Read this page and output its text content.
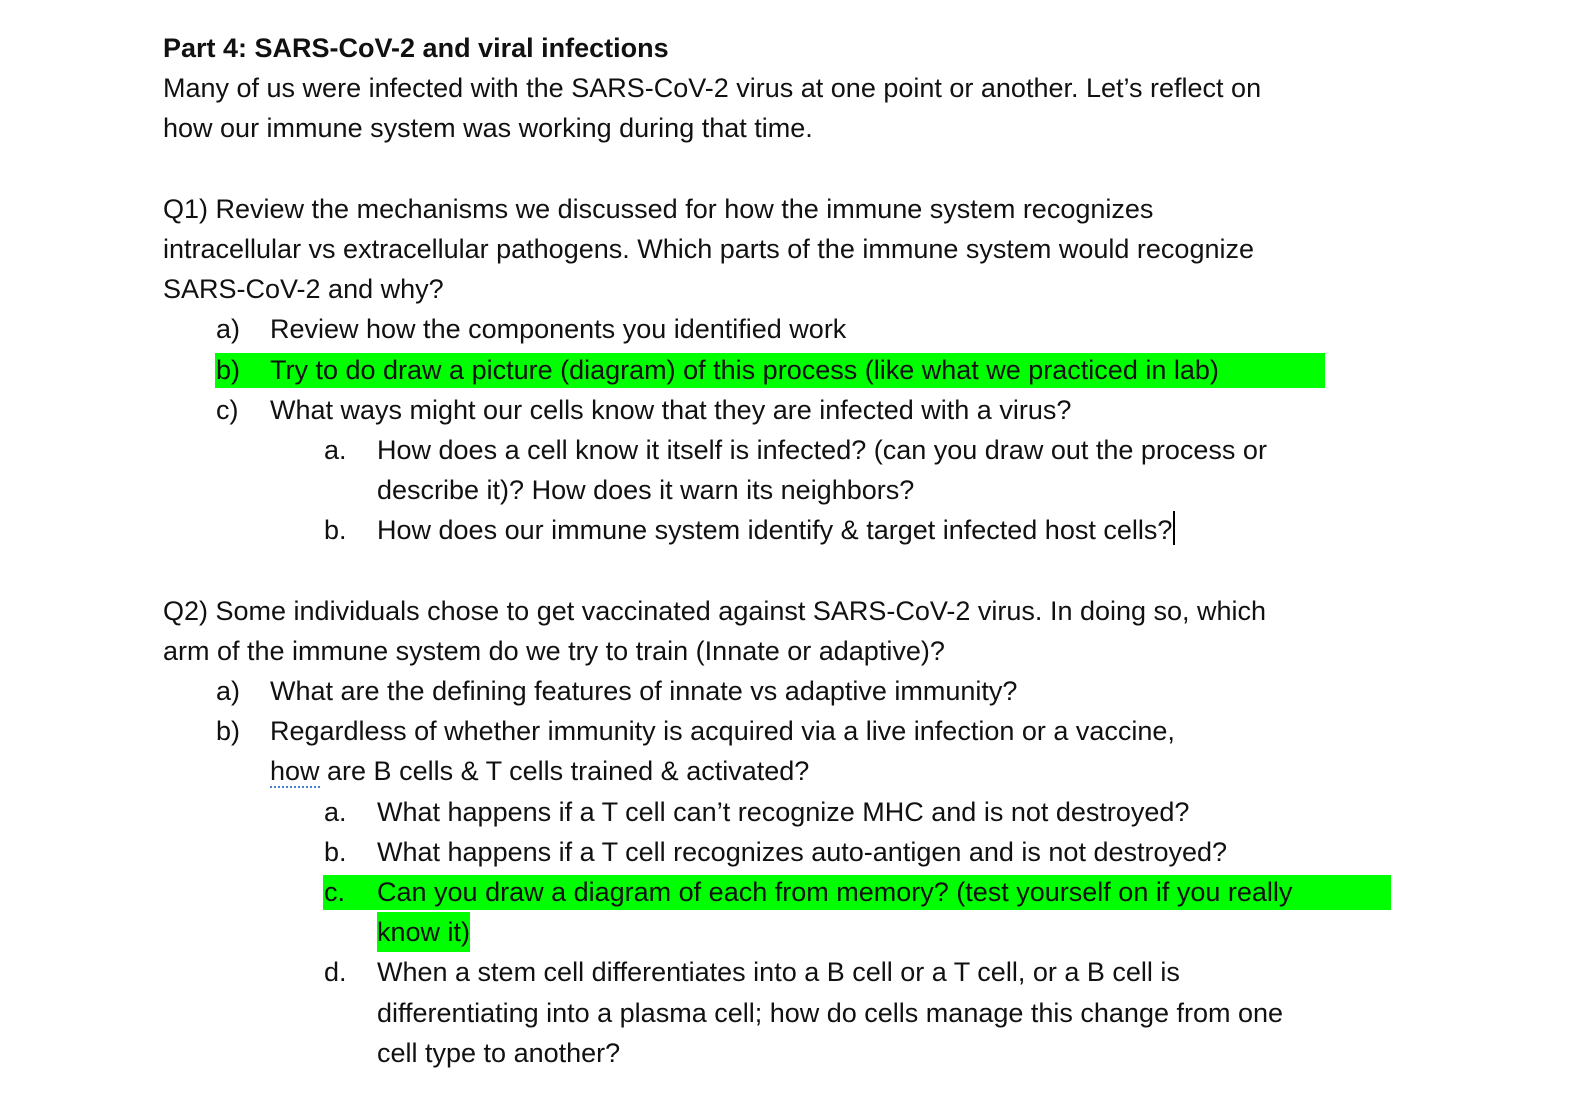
Part 4: SARS-CoV-2 and viral infections
Many of us were infected with the SARS-CoV-2 virus at one point or another. Let’s reflect on
how our immune system was working during that time.
Q1) Review the mechanisms we discussed for how the immune system recognizes
intracellular vs extracellular pathogens. Which parts of the immune system would recognize
SARS-CoV-2 and why?
a) Review how the components you identified work
b) Try to do draw a picture (diagram) of this process (like what we practiced in lab)
c) What ways might our cells know that they are infected with a virus?
a. How does a cell know it itself is infected? (can you draw out the process or
describe it)? How does it warn its neighbors?
b. How does our immune system identify & target infected host cells?
Q2) Some individuals chose to get vaccinated against SARS-CoV-2 virus. In doing so, which
arm of the immune system do we try to train (Innate or adaptive)?
a) What are the defining features of innate vs adaptive immunity?
b) Regardless of whether immunity is acquired via a live infection or a vaccine,
how are B cells & T cells trained & activated?
a. What happens if a T cell can’t recognize MHC and is not destroyed?
b. What happens if a T cell recognizes auto-antigen and is not destroyed?
c. Can you draw a diagram of each from memory? (test yourself on if you really
know it)
d. When a stem cell differentiates into a B cell or a T cell, or a B cell is
differentiating into a plasma cell; how do cells manage this change from one
cell type to another?
